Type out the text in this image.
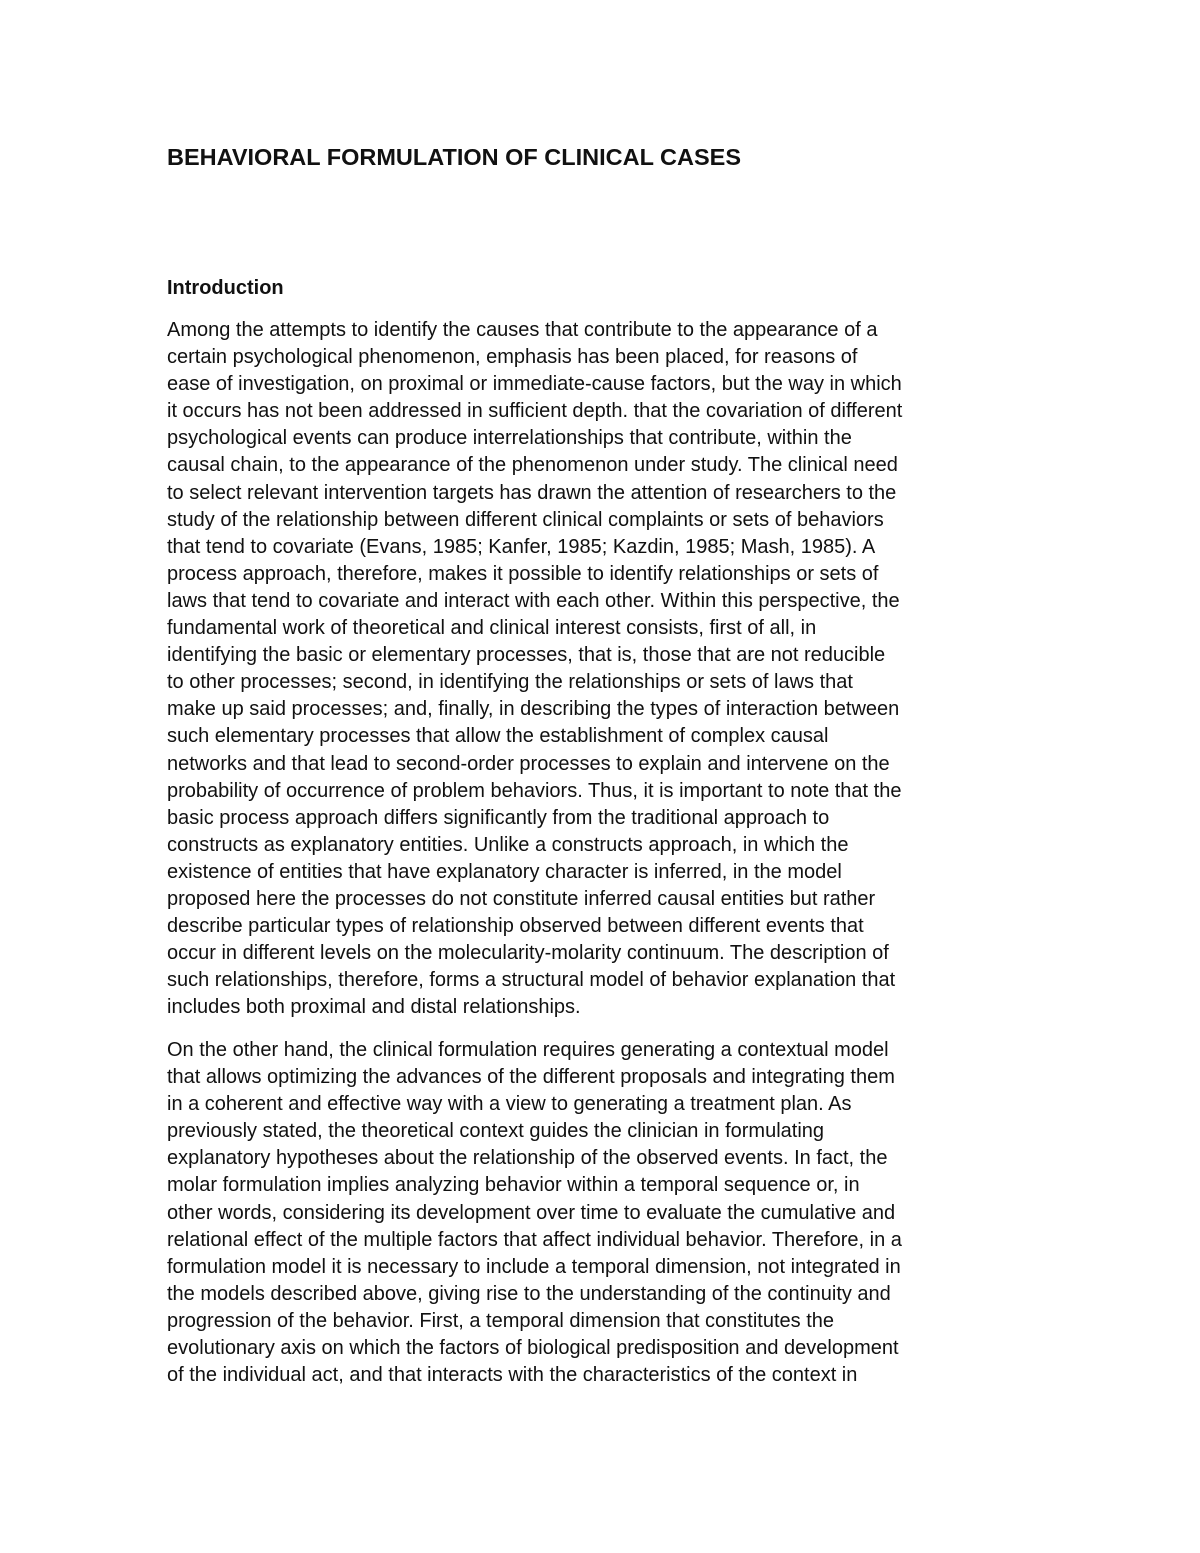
BEHAVIORAL FORMULATION OF CLINICAL CASES
Introduction

Among the attempts to identify the causes that contribute to the appearance of a
certain psychological phenomenon, emphasis has been placed, for reasons of
ease of investigation, on proximal or immediate-cause factors, but the way in which
it occurs has not been addressed in sufficient depth. that the covariation of different
psychological events can produce interrelationships that contribute, within the
causal chain, to the appearance of the phenomenon under study. The clinical need
to select relevant intervention targets has drawn the attention of researchers to the
study of the relationship between different clinical complaints or sets of behaviors
that tend to covariate (Evans, 1985; Kanfer, 1985; Kazdin, 1985; Mash, 1985). A
process approach, therefore, makes it possible to identify relationships or sets of
laws that tend to covariate and interact with each other. Within this perspective, the
fundamental work of theoretical and clinical interest consists, first of all, in
identifying the basic or elementary processes, that is, those that are not reducible
to other processes; second, in identifying the relationships or sets of laws that
make up said processes; and, finally, in describing the types of interaction between
such elementary processes that allow the establishment of complex causal
networks and that lead to second-order processes to explain and intervene on the
probability of occurrence of problem behaviors. Thus, it is important to note that the
basic process approach differs significantly from the traditional approach to
constructs as explanatory entities. Unlike a constructs approach, in which the
existence of entities that have explanatory character is inferred, in the model
proposed here the processes do not constitute inferred causal entities but rather
describe particular types of relationship observed between different events that
occur in different levels on the molecularity-molarity continuum. The description of
such relationships, therefore, forms a structural model of behavior explanation that
includes both proximal and distal relationships.

On the other hand, the clinical formulation requires generating a contextual model
that allows optimizing the advances of the different proposals and integrating them
in a coherent and effective way with a view to generating a treatment plan. As
previously stated, the theoretical context guides the clinician in formulating
explanatory hypotheses about the relationship of the observed events. In fact, the
molar formulation implies analyzing behavior within a temporal sequence or, in
other words, considering its development over time to evaluate the cumulative and
relational effect of the multiple factors that affect individual behavior. Therefore, in a
formulation model it is necessary to include a temporal dimension, not integrated in
the models described above, giving rise to the understanding of the continuity and
progression of the behavior. First, a temporal dimension that constitutes the
evolutionary axis on which the factors of biological predisposition and development
of the individual act, and that interacts with the characteristics of the context in
